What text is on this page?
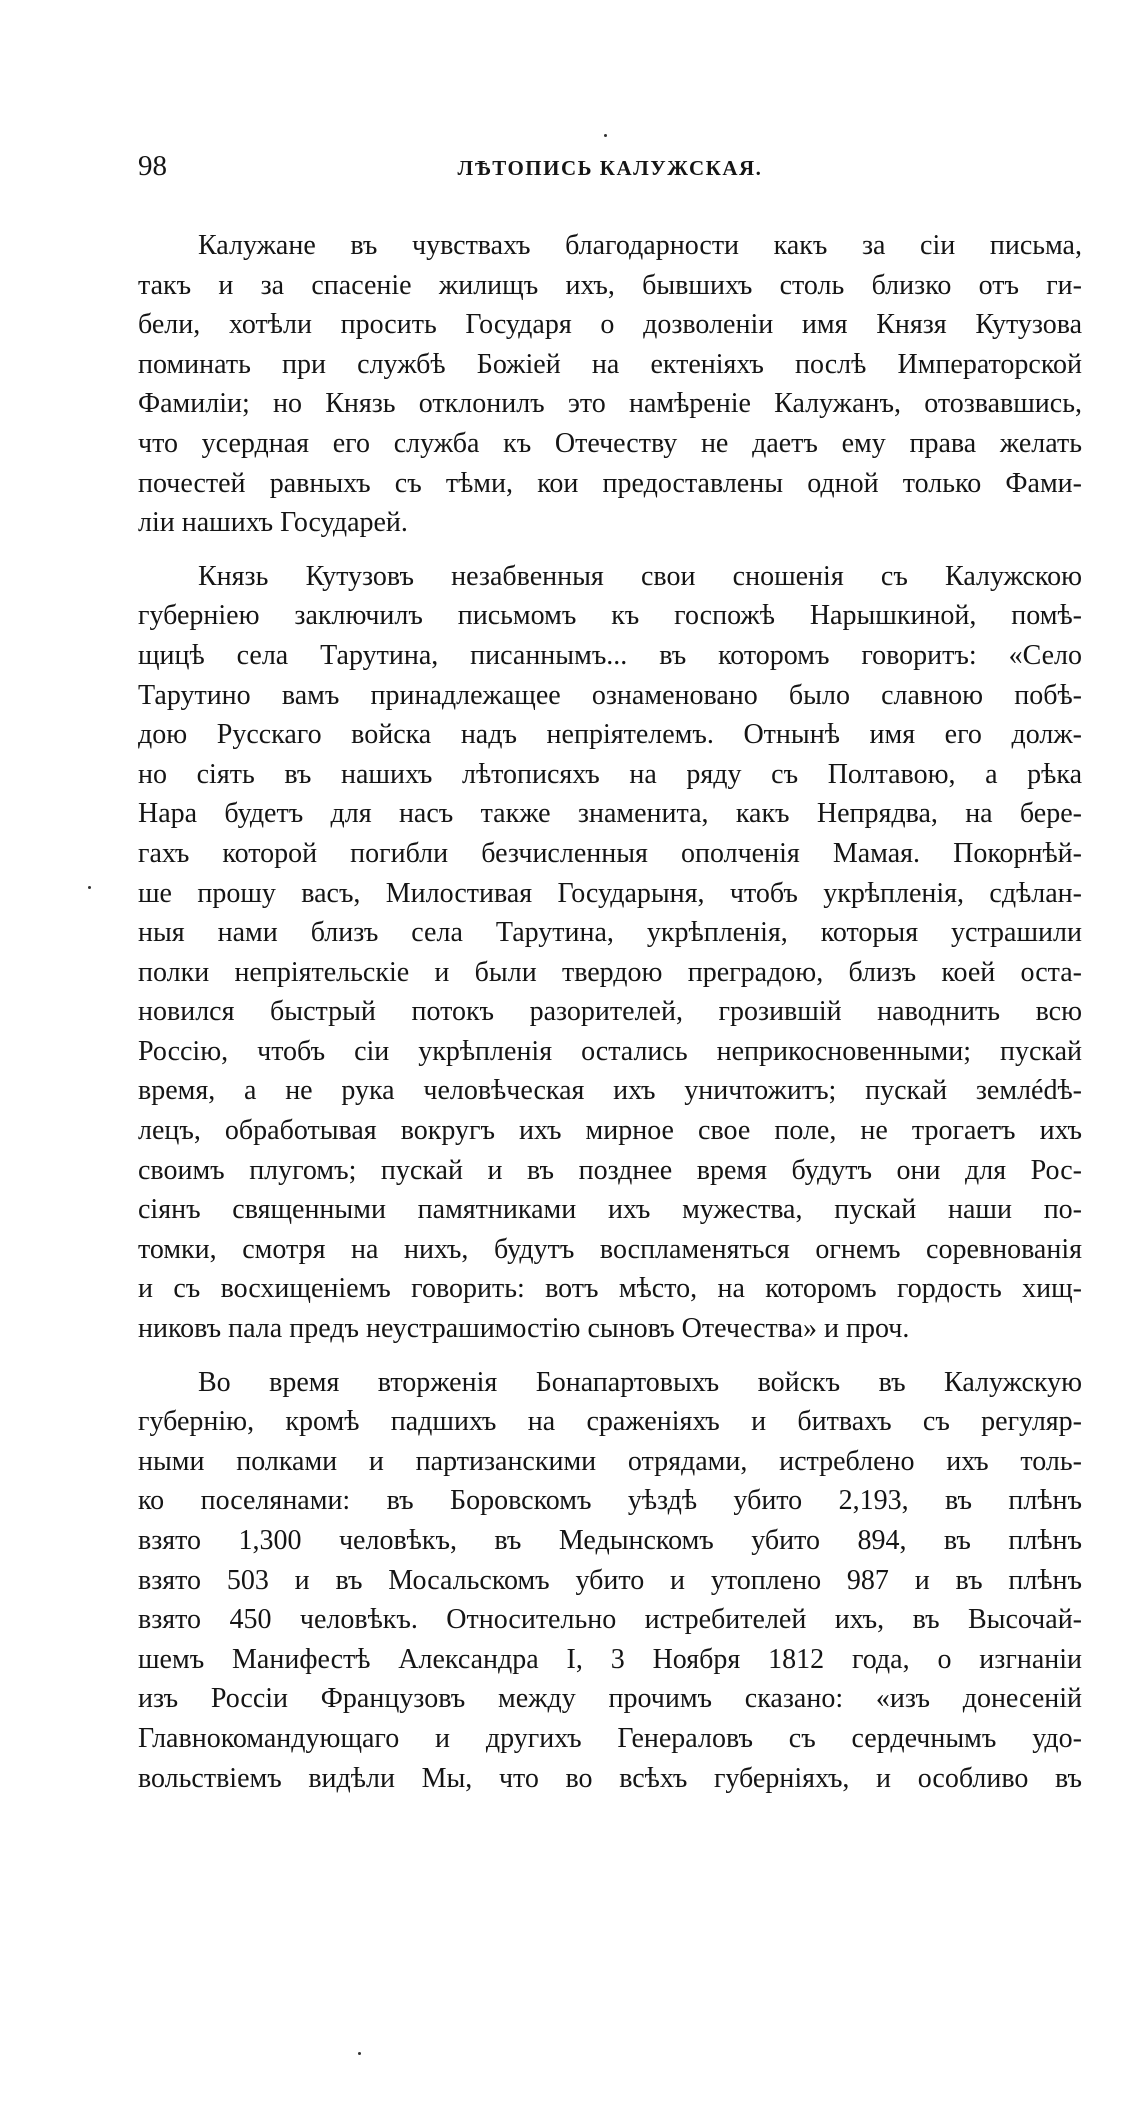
98	ЛѢТОПИСЬ КАЛУЖСКАЯ.
Калужане въ чувствахъ благодарности какъ за сіи письма,
такъ и за спасеніе жилищъ ихъ, бывшихъ столь близко отъ ги-
бели, хотѣли просить Государя о дозволеніи имя Князя Кутузова
поминать при службѣ Божіей на ектеніяхъ послѣ Императорской
Фамиліи; но Князь отклонилъ это намѣреніе Калужанъ, отозвавшись,
что усердная его служба къ Отечеству не даетъ ему права желать
почестей равныхъ съ тѣми, кои предоставлены одной только Фами-
ліи нашихъ Государей.
Князь Кутузовъ незабвенныя свои сношенія съ Калужскою
губерніею заключилъ письмомъ къ госпожѣ Нарышкиной, помѣ-
щицѣ села Тарутина, писаннымъ... въ которомъ говоритъ: «Село
Тарутино вамъ принадлежащее ознаменовано было славною побѣ-
дою Русскаго войска надъ непріятелемъ. Отнынѣ имя его долж-
но сіять въ нашихъ лѣтописяхъ на ряду съ Полтавою, а рѣка
Нара будетъ для насъ также знаменита, какъ Непрядва, на бере-
гахъ которой погибли безчисленныя ополченія Мамая. Покорнѣй-
ше прошу васъ, Милостивая Государыня, чтобъ укрѣпленія, сдѣлан-
ныя нами близъ села Тарутина, укрѣпленія, которыя устрашили
полки непріятельскіе и были твердою преградою, близъ коей оста-
новился быстрый потокъ разорителей, грозившій наводнить всю
Россію, чтобъ сіи укрѣпленія остались неприкосновенными; пускай
время, а не рука человѣческая ихъ уничтожитъ; пускай землédѣ-
лецъ, обработывая вокругъ ихъ мирное свое поле, не трогаетъ ихъ
своимъ плугомъ; пускай и въ позднее время будутъ они для Рос-
сіянъ священными памятниками ихъ мужества, пускай наши по-
томки, смотря на нихъ, будутъ воспламеняться огнемъ соревнованія
и съ восхищеніемъ говорить: вотъ мѣсто, на которомъ гордость хищ-
никовъ пала предъ неустрашимостію сыновъ Отечества» и проч.
Во время вторженія Бонапартовыхъ войскъ въ Калужскую
губернію, кромѣ падшихъ на сраженіяхъ и битвахъ съ регуляр-
ными полками и партизанскими отрядами, истреблено ихъ толь-
ко поселянами: въ Боровскомъ уѣздѣ убито 2,193, въ плѣнъ
взято 1,300 человѣкъ, въ Медынскомъ убито 894, въ плѣнъ
взято 503 и въ Мосальскомъ убито и утоплено 987 и въ плѣнъ
взято 450 человѣкъ. Относительно истребителей ихъ, въ Высочай-
шемъ Манифестѣ Александра I, 3 Ноября 1812 года, о изгнаніи
изъ Россіи Французовъ между прочимъ сказано: «изъ донесеній
Главнокомандующаго и другихъ Генераловъ съ сердечнымъ удо-
вольствіемъ видѣли Мы, что во всѣхъ губерніяхъ, и особливо въ
